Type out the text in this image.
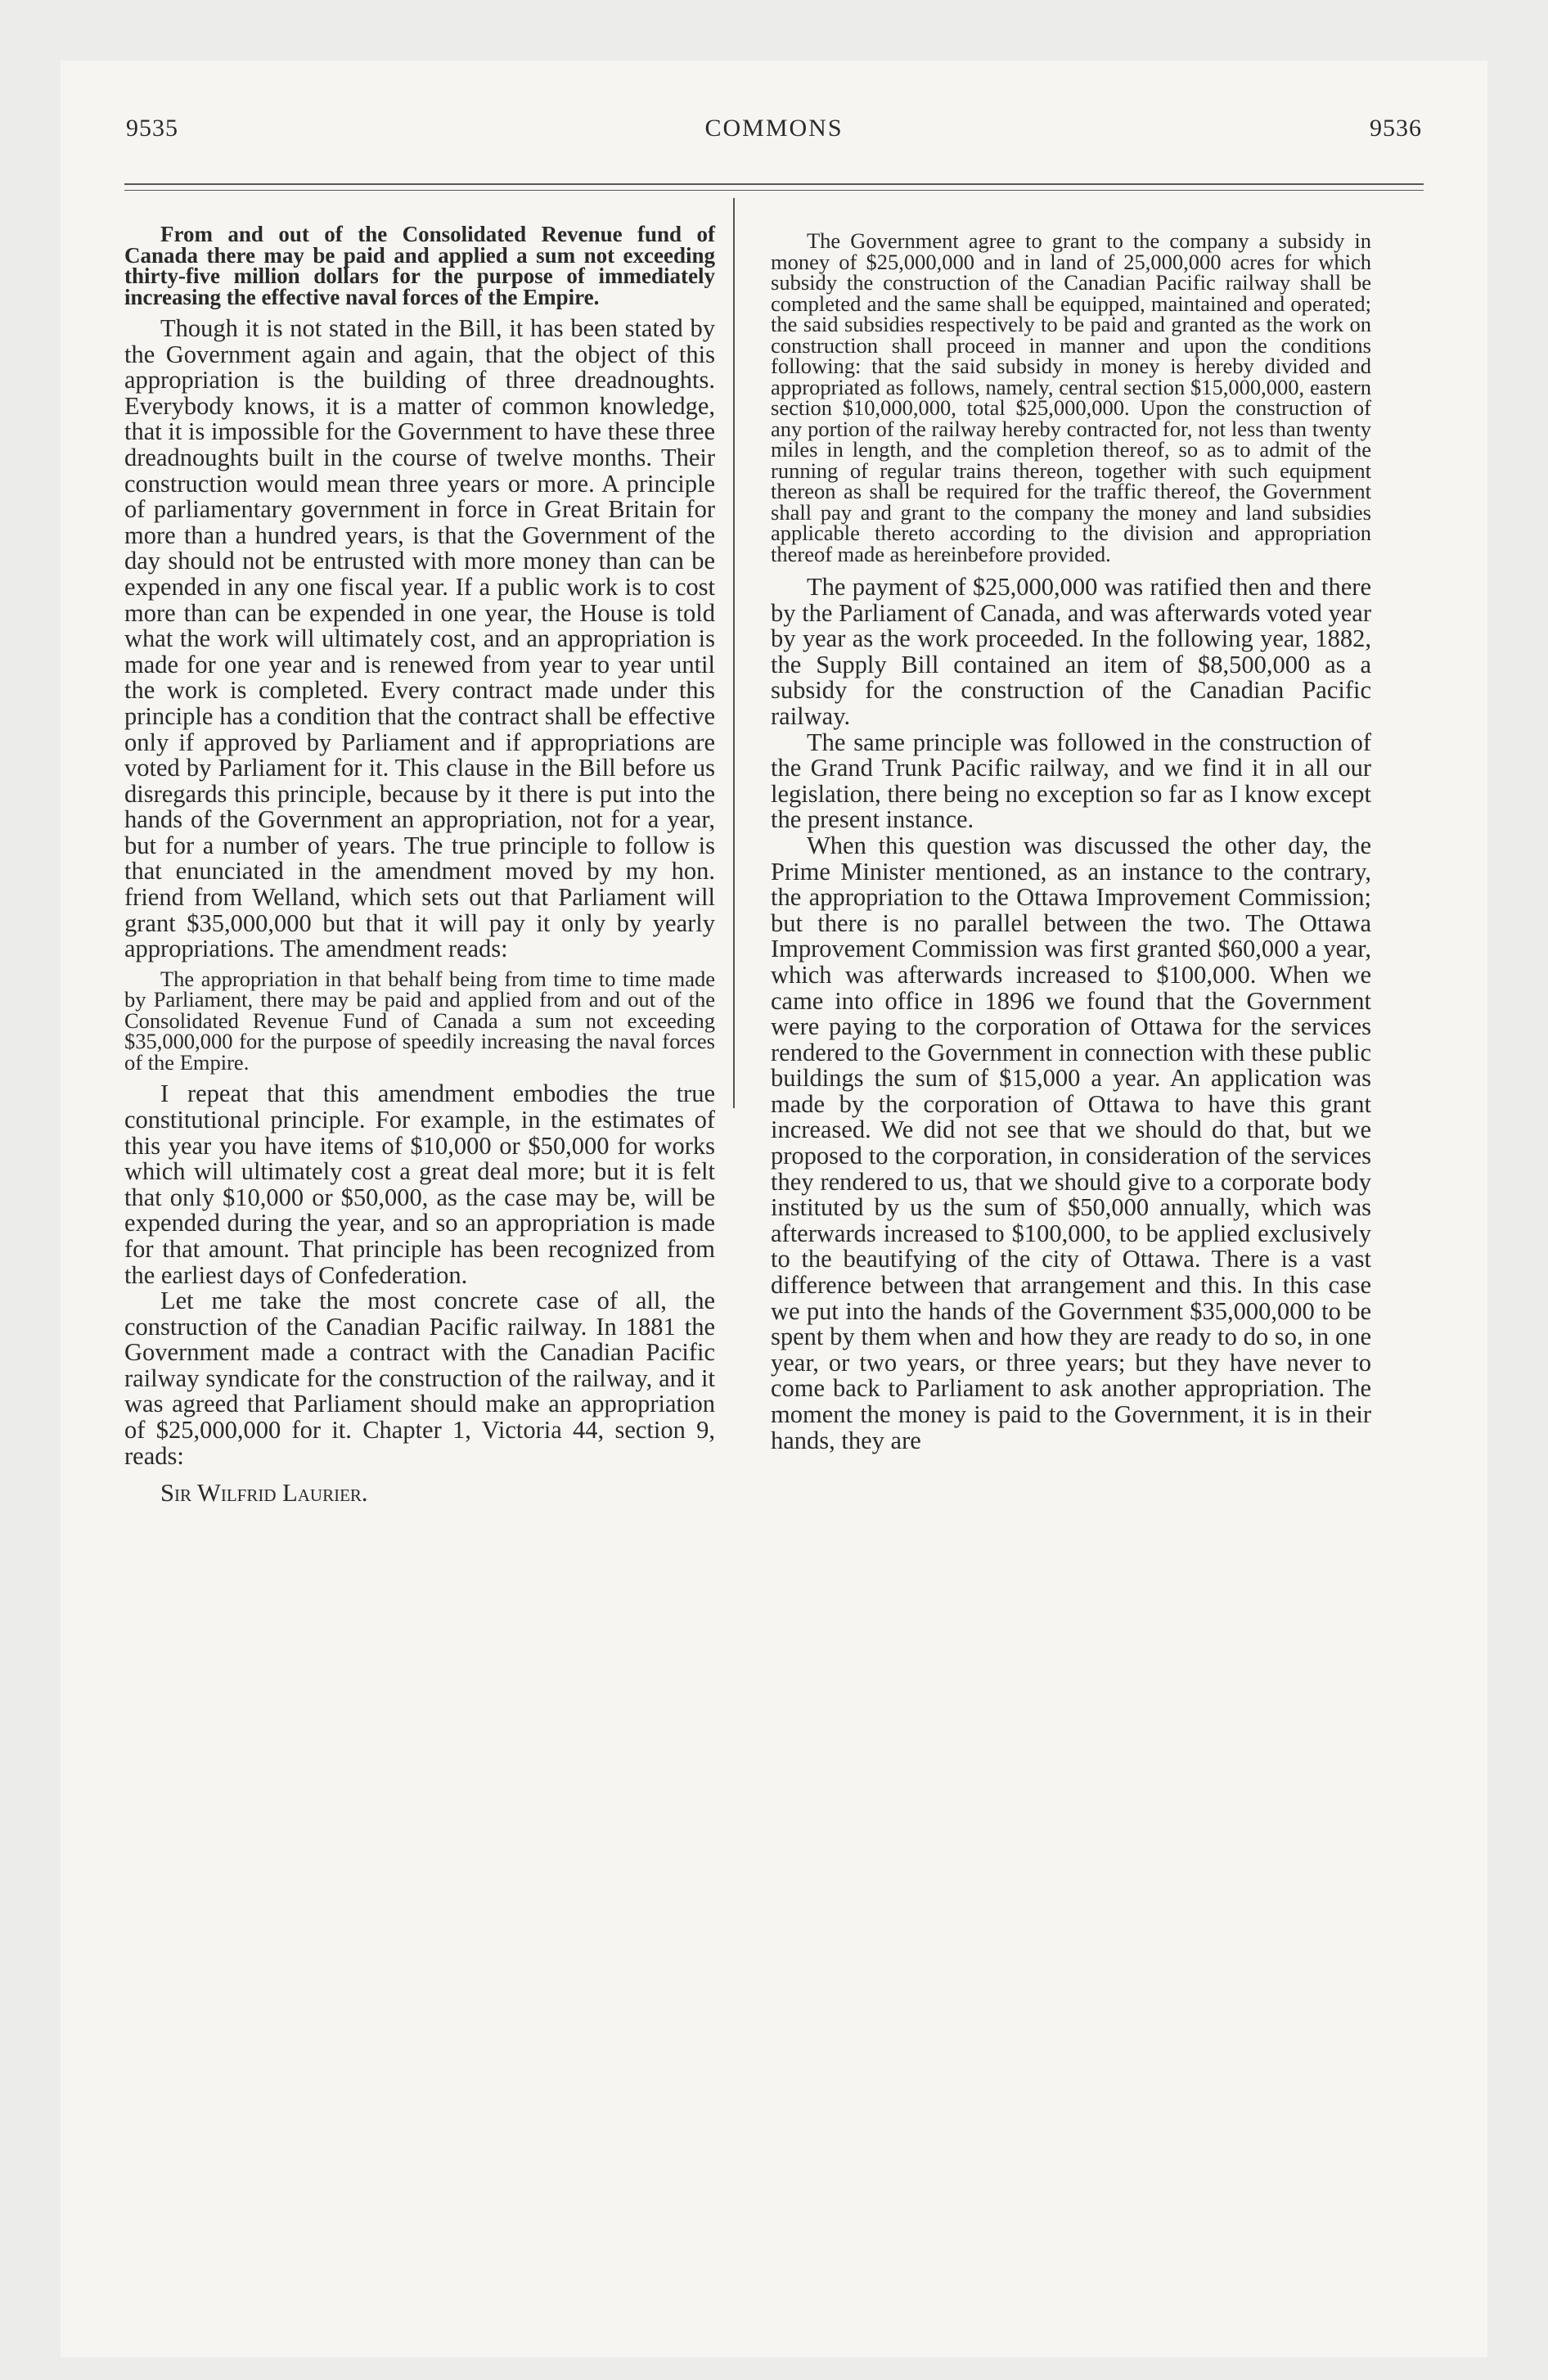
9535	COMMONS	9536

From and out of the Consolidated Revenue fund of Canada there may be paid and applied a sum not exceeding thirty-five million dollars for the purpose of immediately increasing the effective naval forces of the Empire.

Though it is not stated in the Bill, it has been stated by the Government again and again, that the object of this appropriation is the building of three dreadnoughts. Everybody knows, it is a matter of common knowledge, that it is impossible for the Government to have these three dreadnoughts built in the course of twelve months. Their construction would mean three years or more. A principle of parliamentary government in force in Great Britain for more than a hundred years, is that the Government of the day should not be entrusted with more money than can be expended in any one fiscal year. If a public work is to cost more than can be expended in one year, the House is told what the work will ultimately cost, and an appropriation is made for one year and is renewed from year to year until the work is completed. Every contract made under this principle has a condition that the contract shall be effective only if approved by Parliament and if appropriations are voted by Parliament for it. This clause in the Bill before us disregards this principle, because by it there is put into the hands of the Government an appropriation, not for a year, but for a number of years. The true principle to follow is that enunciated in the amendment moved by my hon. friend from Welland, which sets out that Parliament will grant $35,000,000 but that it will pay it only by yearly appropriations. The amendment reads:

The appropriation in that behalf being from time to time made by Parliament, there may be paid and applied from and out of the Consolidated Revenue Fund of Canada a sum not exceeding $35,000,000 for the purpose of speedily increasing the naval forces of the Empire.

I repeat that this amendment embodies the true constitutional principle. For example, in the estimates of this year you have items of $10,000 or $50,000 for works which will ultimately cost a great deal more; but it is felt that only $10,000 or $50,000, as the case may be, will be expended during the year, and so an appropriation is made for that amount. That principle has been recognized from the earliest days of Confederation.

Let me take the most concrete case of all, the construction of the Canadian Pacific railway. In 1881 the Government made a contract with the Canadian Pacific railway syndicate for the construction of the railway, and it was agreed that Parliament should make an appropriation of $25,000,000 for it. Chapter 1, Victoria 44, section 9, reads:

Sir Wilfrid Laurier.

The Government agree to grant to the company a subsidy in money of $25,000,000 and in land of 25,000,000 acres for which subsidy the construction of the Canadian Pacific railway shall be completed and the same shall be equipped, maintained and operated; the said subsidies respectively to be paid and granted as the work on construction shall proceed in manner and upon the conditions following: that the said subsidy in money is hereby divided and appropriated as follows, namely, central section $15,000,000, eastern section $10,000,000, total $25,000,000. Upon the construction of any portion of the railway hereby contracted for, not less than twenty miles in length, and the completion thereof, so as to admit of the running of regular trains thereon, together with such equipment thereon as shall be required for the traffic thereof, the Government shall pay and grant to the company the money and land subsidies applicable thereto according to the division and appropriation thereof made as hereinbefore provided.

The payment of $25,000,000 was ratified then and there by the Parliament of Canada, and was afterwards voted year by year as the work proceeded. In the following year, 1882, the Supply Bill contained an item of $8,500,000 as a subsidy for the construction of the Canadian Pacific railway.

The same principle was followed in the construction of the Grand Trunk Pacific railway, and we find it in all our legislation, there being no exception so far as I know except the present instance.

When this question was discussed the other day, the Prime Minister mentioned, as an instance to the contrary, the appropriation to the Ottawa Improvement Commission; but there is no parallel between the two. The Ottawa Improvement Commission was first granted $60,000 a year, which was afterwards increased to $100,000. When we came into office in 1896 we found that the Government were paying to the corporation of Ottawa for the services rendered to the Government in connection with these public buildings the sum of $15,000 a year. An application was made by the corporation of Ottawa to have this grant increased. We did not see that we should do that, but we proposed to the corporation, in consideration of the services they rendered to us, that we should give to a corporate body instituted by us the sum of $50,000 annually, which was afterwards increased to $100,000, to be applied exclusively to the beautifying of the city of Ottawa. There is a vast difference between that arrangement and this. In this case we put into the hands of the Government $35,000,000 to be spent by them when and how they are ready to do so, in one year, or two years, or three years; but they have never to come back to Parliament to ask another appropriation. The moment the money is paid to the Government, it is in their hands, they are
